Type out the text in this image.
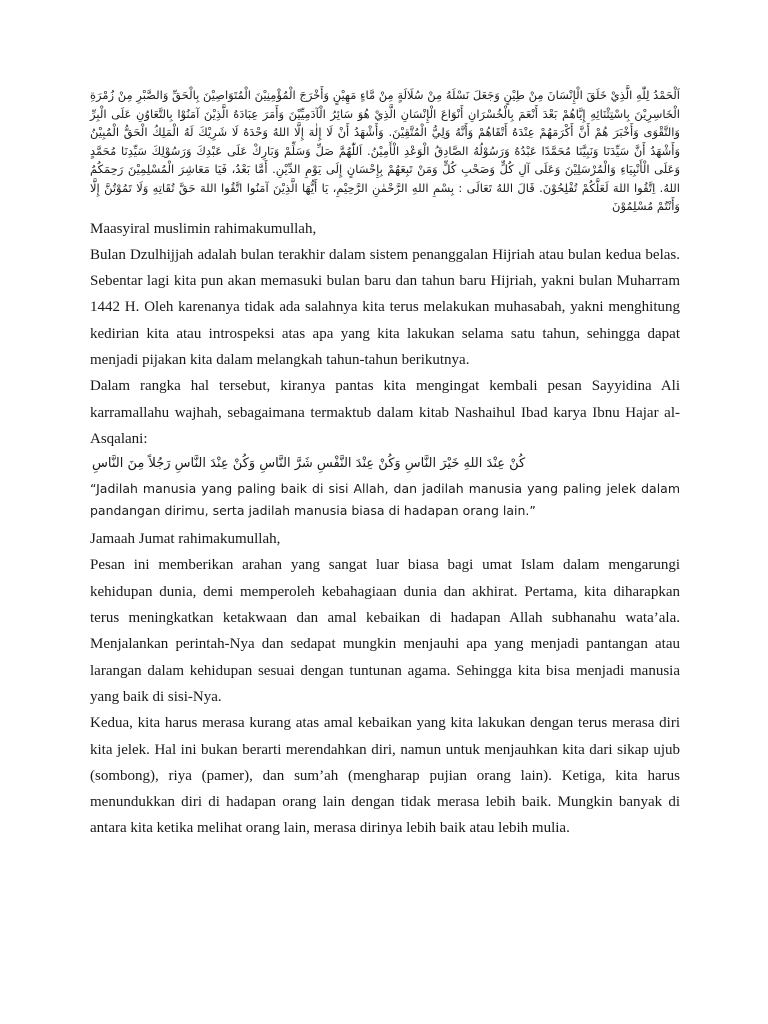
اَلْحَمْدُ لِلّٰهِ الَّذِيْ خَلَقَ الْإِنْسَانَ مِنْ طِيْنٍ وَجَعَلَ نَسْلَهُ مِنْ سُلَالَةٍ مِنْ مَّاءٍ مَهِيْنٍ وَأَخْرَجَ الْمُؤْمِنِيْنَ الْمُتَوَاصِيْنَ بِالْحَقِّ وَالصَّبْرِ مِنْ زُمْرَةِ الْخَاسِرِيْنَ بِاسْتِثْنَائِهِ إِيَّاهُمْ بَعْدَ أَنْعَمَ بِالْخُسْرَانِ أَنْوَاعَ الْإِنْسَانِ الَّذِيْ هُوَ سَائِرُ الْآدَمِيِّيْنَ وَأَمَرَ عِبَادَهُ الَّذِيْنَ آمَنُوْا بِالتَّعَاوُنِ عَلَى الْبِرِّ وَالتَّقْوَى وَأَخْبَرَ هُمْ أَنَّ أَكْرَمَهُمْ عِنْدَهُ أَتْقَاهُمْ وَأَنَّهُ وَلِيُّ الْمُتَّقِيْنَ. وَأَشْهَدُ أَنْ لَا إِلٰهَ إِلَّا اللهُ وَحْدَهُ لَا شَرِيْكَ لَهُ الْمَلِكُ الْحَقُّ الْمُبِيْنُ وَأَشْهَدُ أَنَّ سَيِّدَنَا وَنَبِيَّنَا مُحَمَّدًا عَبْدُهُ وَرَسُوْلُهُ الصَّادِقُ الْوَعْدِ الْأَمِيْنُ. اَللّٰهُمَّ صَلِّ وَسَلِّمْ وَبَارِكْ عَلَى عَبْدِكَ وَرَسُوْلِكَ سَيِّدِنَا مُحَمَّدٍ وَعَلَى الْأَنْبِيَاءِ وَالْمُرْسَلِيْنَ وَعَلَى آلِ كُلٍّ وَصَحْبِ كُلٍّ وَمَنْ تَبِعَهُمْ بِإِحْسَانٍ إِلَى يَوْمِ الدِّيْنِ. أَمَّا بَعْدُ، فَيَا مَعَاشِرَ الْمُسْلِمِيْنَ رَحِمَكُمُ اللهُ. اِتَّقُوا اللهَ لَعَلَّكُمْ تُفْلِحُوْنَ. قَالَ اللهُ تَعَالَى : بِسْمِ اللهِ الرَّحْمٰنِ الرَّحِيْمِ، يَا أَيُّهَا الَّذِيْنَ آمَنُوا اتَّقُوا اللهَ حَقَّ تُقَاتِهِ وَلَا تَمُوْتُنَّ إِلَّا وَأَنْتُمْ مُسْلِمُوْنَ

Maasyiral muslimin rahimakumullah,

Bulan Dzulhijjah adalah bulan terakhir dalam sistem penanggalan Hijriah atau bulan kedua belas. Sebentar lagi kita pun akan memasuki bulan baru dan tahun baru Hijriah, yakni bulan Muharram 1442 H. Oleh karenanya tidak ada salahnya kita terus melakukan muhasabah, yakni menghitung kedirian kita atau introspeksi atas apa yang kita lakukan selama satu tahun, sehingga dapat menjadi pijakan kita dalam melangkah tahun-tahun berikutnya.

Dalam rangka hal tersebut, kiranya pantas kita mengingat kembali pesan Sayyidina Ali karramallahu wajhah, sebagaimana termaktub dalam kitab Nashaihul Ibad karya Ibnu Hajar al-Asqalani:

كُنْ عِنْدَ اللهِ خَيْرَ النَّاسِ وَكُنْ عِنْدَ النَّفْسِ شَرَّ النَّاسِ وَكُنْ عِنْدَ النَّاسِ رَجُلاً مِنَ النَّاسِ

“Jadilah manusia yang paling baik di sisi Allah, dan jadilah manusia yang paling jelek dalam pandangan dirimu, serta jadilah manusia biasa di hadapan orang lain.”

Jamaah Jumat rahimakumullah,

Pesan ini memberikan arahan yang sangat luar biasa bagi umat Islam dalam mengarungi kehidupan dunia, demi memperoleh kebahagiaan dunia dan akhirat. Pertama, kita diharapkan terus meningkatkan ketakwaan dan amal kebaikan di hadapan Allah subhanahu wata’ala. Menjalankan perintah-Nya dan sedapat mungkin menjauhi apa yang menjadi pantangan atau larangan dalam kehidupan sesuai dengan tuntunan agama. Sehingga kita bisa menjadi manusia yang baik di sisi-Nya.

Kedua, kita harus merasa kurang atas amal kebaikan yang kita lakukan dengan terus merasa diri kita jelek. Hal ini bukan berarti merendahkan diri, namun untuk menjauhkan kita dari sikap ujub (sombong), riya (pamer), dan sum’ah (mengharap pujian orang lain). Ketiga, kita harus menundukkan diri di hadapan orang lain dengan tidak merasa lebih baik. Mungkin banyak di antara kita ketika melihat orang lain, merasa dirinya lebih baik atau lebih mulia.
